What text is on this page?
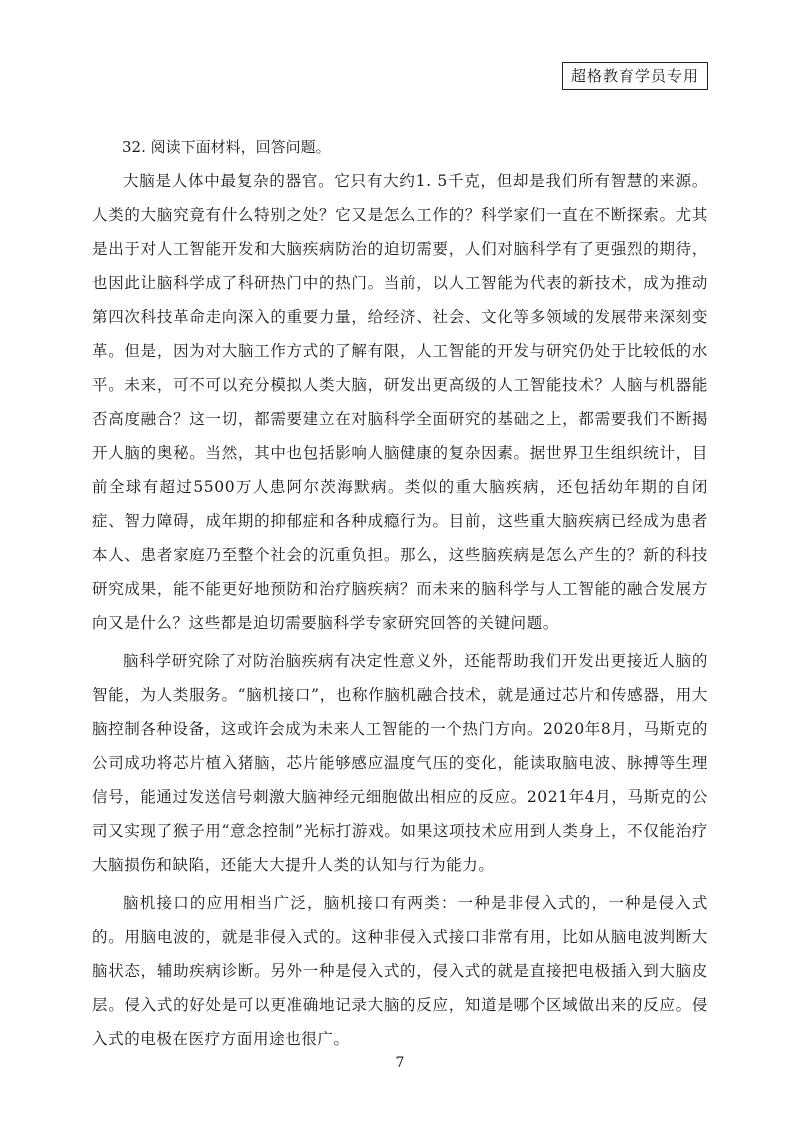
超格教育学员专用
32. 阅读下面材料，回答问题。

大脑是人体中最复杂的器官。它只有大约1. 5千克，但却是我们所有智慧的来源。人类的大脑究竟有什么特别之处？它又是怎么工作的？科学家们一直在不断探索。尤其是出于对人工智能开发和大脑疾病防治的迫切需要，人们对脑科学有了更强烈的期待，也因此让脑科学成了科研热门中的热门。当前，以人工智能为代表的新技术，成为推动第四次科技革命走向深入的重要力量，给经济、社会、文化等多领域的发展带来深刻变革。但是，因为对大脑工作方式的了解有限，人工智能的开发与研究仍处于比较低的水平。未来，可不可以充分模拟人类大脑，研发出更高级的人工智能技术？人脑与机器能否高度融合？这一切，都需要建立在对脑科学全面研究的基础之上，都需要我们不断揭开人脑的奥秘。当然，其中也包括影响人脑健康的复杂因素。据世界卫生组织统计，目前全球有超过5500万人患阿尔茨海默病。类似的重大脑疾病，还包括幼年期的自闭症、智力障碍，成年期的抑郁症和各种成瘾行为。目前，这些重大脑疾病已经成为患者本人、患者家庭乃至整个社会的沉重负担。那么，这些脑疾病是怎么产生的？新的科技研究成果，能不能更好地预防和治疗脑疾病？而未来的脑科学与人工智能的融合发展方向又是什么？这些都是迫切需要脑科学专家研究回答的关键问题。

脑科学研究除了对防治脑疾病有决定性意义外，还能帮助我们开发出更接近人脑的智能，为人类服务。“脑机接口”，也称作脑机融合技术，就是通过芯片和传感器，用大脑控制各种设备，这或许会成为未来人工智能的一个热门方向。2020年8月，马斯克的公司成功将芯片植入猪脑，芯片能够感应温度气压的变化，能读取脑电波、脉搏等生理信号，能通过发送信号刺激大脑神经元细胞做出相应的反应。2021年4月，马斯克的公司又实现了猴子用“意念控制”光标打游戏。如果这项技术应用到人类身上，不仅能治疗大脑损伤和缺陷，还能大大提升人类的认知与行为能力。

脑机接口的应用相当广泛，脑机接口有两类：一种是非侵入式的，一种是侵入式的。用脑电波的，就是非侵入式的。这种非侵入式接口非常有用，比如从脑电波判断大脑状态，辅助疾病诊断。另外一种是侵入式的，侵入式的就是直接把电极插入到大脑皮层。侵入式的好处是可以更准确地记录大脑的反应，知道是哪个区域做出来的反应。侵入式的电极在医疗方面用途也很广。

7
